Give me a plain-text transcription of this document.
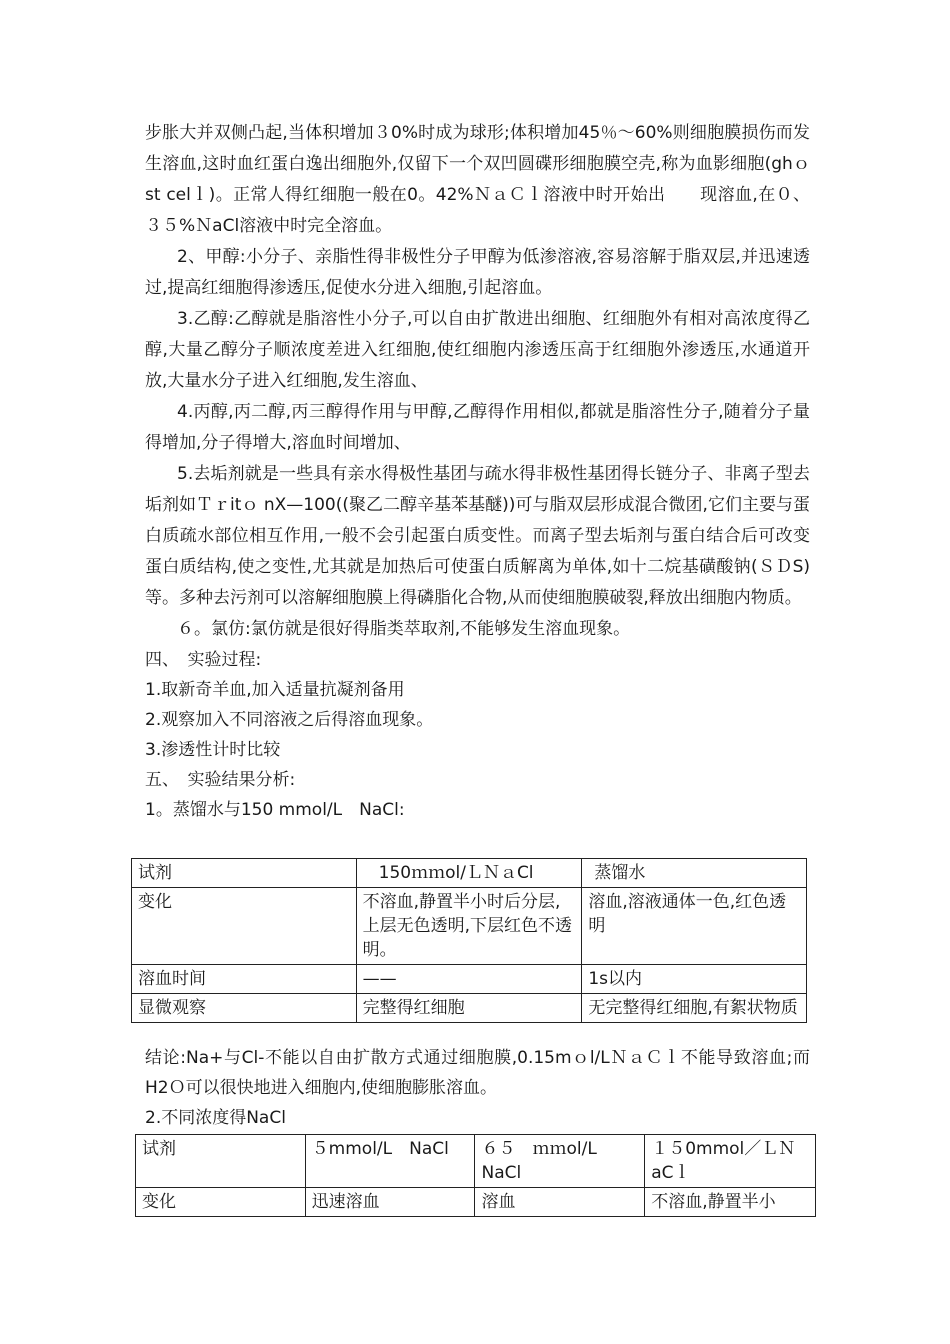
步胀大并双侧凸起,当体积增加３0%时成为球形;体积增加45％～60%则细胞膜损伤而发生溶血,这时血红蛋白逸出细胞外,仅留下一个双凹圆碟形细胞膜空壳,称为血影细胞(ghｏst celｌ)。正常人得红细胞一般在0。42%ＮａＣｌ溶液中时开始出　　现溶血,在０、３５%ＮaCl溶液中时完全溶血。

2、甲醇:小分子、亲脂性得非极性分子甲醇为低渗溶液,容易溶解于脂双层,并迅速透过,提高红细胞得渗透压,促使水分进入细胞,引起溶血。

3.乙醇:乙醇就是脂溶性小分子,可以自由扩散进出细胞、红细胞外有相对高浓度得乙醇,大量乙醇分子顺浓度差进入红细胞,使红细胞内渗透压高于红细胞外渗透压,水通道开放,大量水分子进入红细胞,发生溶血、

4.丙醇,丙二醇,丙三醇得作用与甲醇,乙醇得作用相似,都就是脂溶性分子,随着分子量得增加,分子得增大,溶血时间增加、

5.去垢剂就是一些具有亲水得极性基团与疏水得非极性基团得长链分子、非离子型去垢剂如Ｔｒitｏ nX—100((聚乙二醇辛基苯基醚))可与脂双层形成混合微团,它们主要与蛋白质疏水部位相互作用,一般不会引起蛋白质变性。而离子型去垢剂与蛋白结合后可改变蛋白质结构,使之变性,尤其就是加热后可使蛋白质解离为单体,如十二烷基磺酸钠(ＳＤS)等。多种去污剂可以溶解细胞膜上得磷脂化合物,从而使细胞膜破裂,释放出细胞内物质。

６。氯仿:氯仿就是很好得脂类萃取剂,不能够发生溶血现象。

四、　实验过程:

1.取新奇羊血,加入适量抗凝剂备用

2.观察加入不同溶液之后得溶血现象。

3.渗透性计时比较

五、　实验结果分析:

1。蒸馏水与150 mmol/L　NaCl:

试剂	150ｍｍol/ＬＮａCl	蒸馏水
变化	不溶血,静置半小时后分层,上层无色透明,下层红色不透明。	溶血,溶液通体一色,红色透明
溶血时间	——	1s以内
显微观察	完整得红细胞	无完整得红细胞,有絮状物质

结论:Na+与Cl-不能以自由扩散方式通过细胞膜,0.15mｏl/LＮａＣｌ不能导致溶血;而H2Ｏ可以很快地进入细胞内,使细胞膨胀溶血。

2.不同浓度得NaCl

试剂	５mmol/L　NaCl	６５　ｍｍol/L NaCl	１５0mmol／ＬＮaCｌ
变化	迅速溶血	溶血	不溶血,静置半小
